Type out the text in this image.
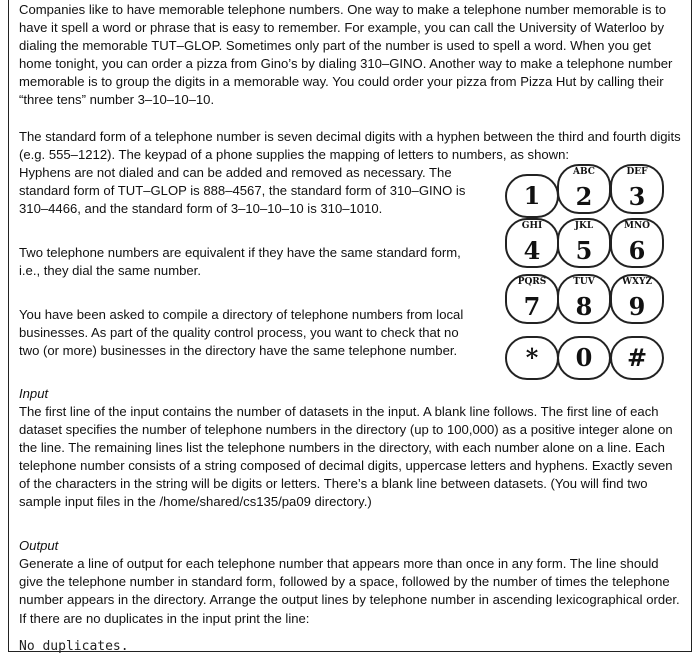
Companies like to have memorable telephone numbers. One way to make a telephone number memorable is to have it spell a word or phrase that is easy to remember. For example, you can call the University of Waterloo by dialing the memorable TUT–GLOP. Sometimes only part of the number is used to spell a word. When you get home tonight, you can order a pizza from Gino’s by dialing 310–GINO. Another way to make a telephone number memorable is to group the digits in a memorable way. You could order your pizza from Pizza Hut by calling their “three tens” number 3–10–10–10.

The standard form of a telephone number is seven decimal digits with a hyphen between the third and fourth digits (e.g. 555–1212). The keypad of a phone supplies the mapping of letters to numbers, as shown:

Hyphens are not dialed and can be added and removed as necessary. The standard form of TUT–GLOP is 888–4567, the standard form of 310–GINO is 310–4466, and the standard form of 3–10–10–10 is 310–1010.

Two telephone numbers are equivalent if they have the same standard form, i.e., they dial the same number.

You have been asked to compile a directory of telephone numbers from local businesses. As part of the quality control process, you want to check that no two (or more) businesses in the directory have the same telephone number.

1
ABC
2
DEF
3
GHI
4
JKL
5
MNO
6
PQRS
7
TUV
8
WXYZ
9
*	0	#

Input

The first line of the input contains the number of datasets in the input. A blank line follows. The first line of each dataset specifies the number of telephone numbers in the directory (up to 100,000) as a positive integer alone on the line. The remaining lines list the telephone numbers in the directory, with each number alone on a line. Each telephone number consists of a string composed of decimal digits, uppercase letters and hyphens. Exactly seven of the characters in the string will be digits or letters. There’s a blank line between datasets. (You will find two sample input files in the /home/shared/cs135/pa09 directory.)

Output

Generate a line of output for each telephone number that appears more than once in any form. The line should give the telephone number in standard form, followed by a space, followed by the number of times the telephone number appears in the directory. Arrange the output lines by telephone number in ascending lexicographical order. If there are no duplicates in the input print the line:

No duplicates.
